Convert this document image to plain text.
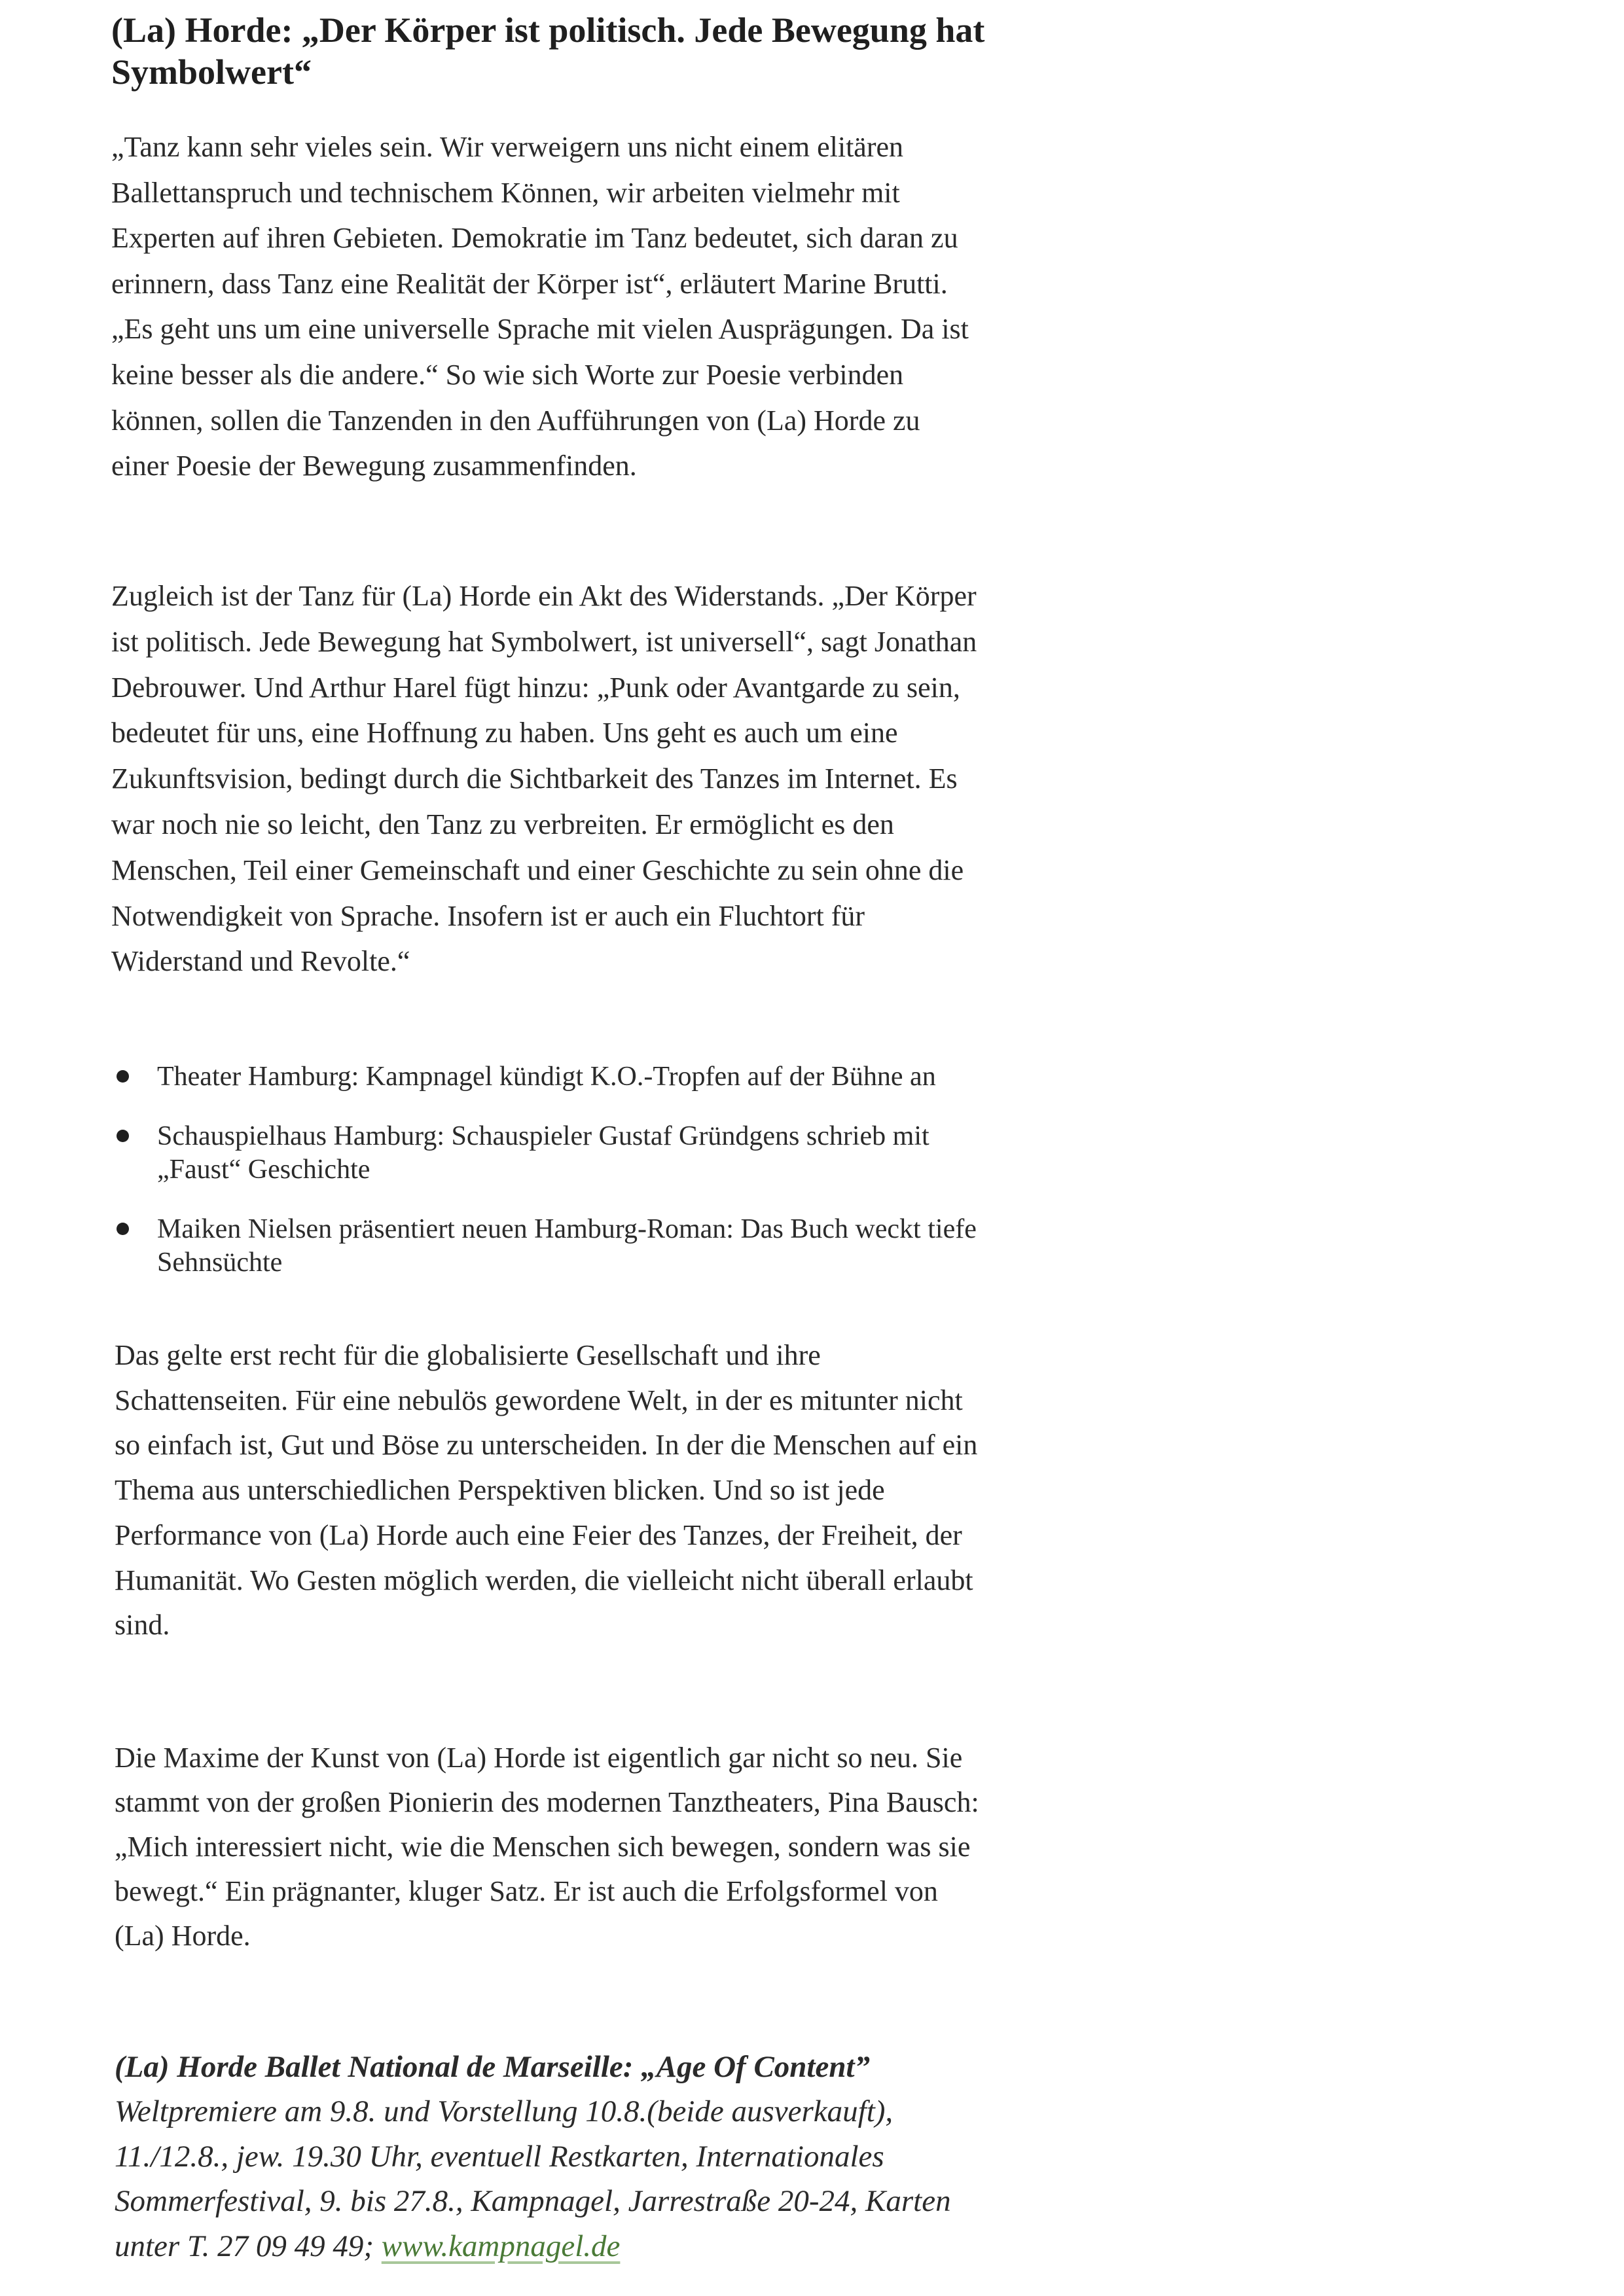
(La) Horde: „Der Körper ist politisch. Jede Bewegung hat Symbolwert“

„Tanz kann sehr vieles sein. Wir verweigern uns nicht einem elitären Ballettanspruch und technischem Können, wir arbeiten vielmehr mit Experten auf ihren Gebieten. Demokratie im Tanz bedeutet, sich daran zu erinnern, dass Tanz eine Realität der Körper ist“, erläutert Marine Brutti. „Es geht uns um eine universelle Sprache mit vielen Ausprägungen. Da ist keine besser als die andere.“ So wie sich Worte zur Poesie verbinden können, sollen die Tanzenden in den Aufführungen von (La) Horde zu einer Poesie der Bewegung zusammenfinden.

Zugleich ist der Tanz für (La) Horde ein Akt des Widerstands. „Der Körper ist politisch. Jede Bewegung hat Symbolwert, ist universell“, sagt Jonathan Debrouwer. Und Arthur Harel fügt hinzu: „Punk oder Avantgarde zu sein, bedeutet für uns, eine Hoffnung zu haben. Uns geht es auch um eine Zukunftsvision, bedingt durch die Sichtbarkeit des Tanzes im Internet. Es war noch nie so leicht, den Tanz zu verbreiten. Er ermöglicht es den Menschen, Teil einer Gemeinschaft und einer Geschichte zu sein ohne die Notwendigkeit von Sprache. Insofern ist er auch ein Fluchtort für Widerstand und Revolte.“

Theater Hamburg: Kampnagel kündigt K.O.-Tropfen auf der Bühne an
Schauspielhaus Hamburg: Schauspieler Gustaf Gründgens schrieb mit „Faust“ Geschichte
Maiken Nielsen präsentiert neuen Hamburg-Roman: Das Buch weckt tiefe Sehnsüchte

Das gelte erst recht für die globalisierte Gesellschaft und ihre Schattenseiten. Für eine nebulös gewordene Welt, in der es mitunter nicht so einfach ist, Gut und Böse zu unterscheiden. In der die Menschen auf ein Thema aus unterschiedlichen Perspektiven blicken. Und so ist jede Performance von (La) Horde auch eine Feier des Tanzes, der Freiheit, der Humanität. Wo Gesten möglich werden, die vielleicht nicht überall erlaubt sind.

Die Maxime der Kunst von (La) Horde ist eigentlich gar nicht so neu. Sie stammt von der großen Pionierin des modernen Tanztheaters, Pina Bausch: „Mich interessiert nicht, wie die Menschen sich bewegen, sondern was sie bewegt.“ Ein prägnanter, kluger Satz. Er ist auch die Erfolgsformel von (La) Horde.

(La) Horde Ballet National de Marseille: „Age Of Content” Weltpremiere am 9.8. und Vorstellung 10.8.(beide ausverkauft), 11./12.8., jew. 19.30 Uhr, eventuell Restkarten, Internationales Sommerfestival, 9. bis 27.8., Kampnagel, Jarrestraße 20-24, Karten unter T. 27 09 49 49; www.kampnagel.de
